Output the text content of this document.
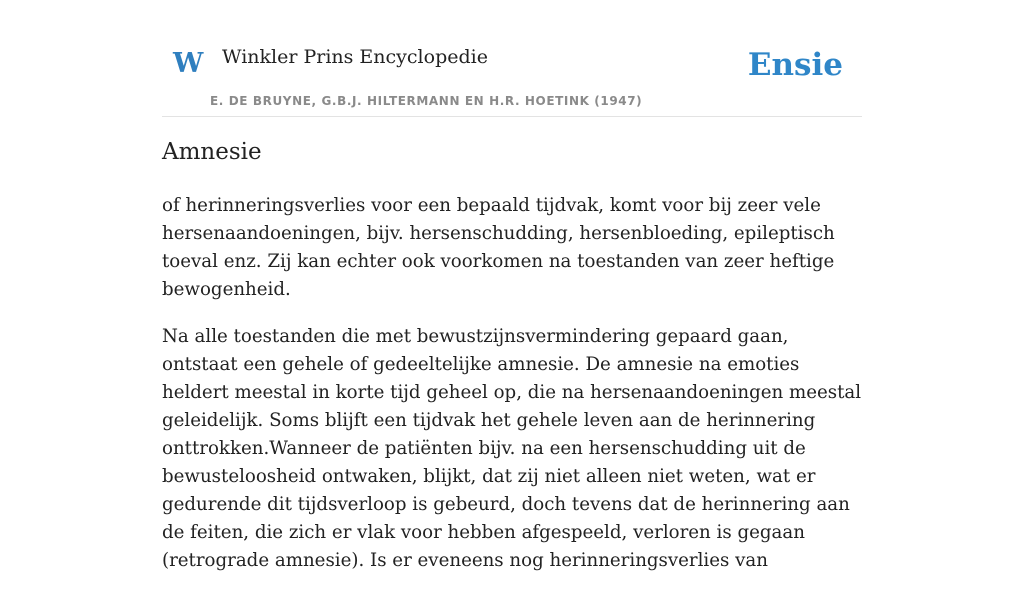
W Winkler Prins Encyclopedie
E. DE BRUYNE, G.B.J. HILTERMANN EN H.R. HOETINK (1947)
Ensie
Amnesie

of herinneringsverlies voor een bepaald tijdvak, komt voor bij zeer vele hersenaandoeningen, bijv. hersenschudding, hersenbloeding, epileptisch toeval enz. Zij kan echter ook voorkomen na toestanden van zeer heftige bewogenheid.

Na alle toestanden die met bewustzijnsvermindering gepaard gaan, ontstaat een gehele of gedeeltelijke amnesie. De amnesie na emoties heldert meestal in korte tijd geheel op, die na hersenaandoeningen meestal geleidelijk. Soms blijft een tijdvak het gehele leven aan de herinnering onttrokken.Wanneer de patiënten bijv. na een hersenschudding uit de bewusteloosheid ontwaken, blijkt, dat zij niet alleen niet weten, wat er gedurende dit tijdsverloop is gebeurd, doch tevens dat de herinnering aan de feiten, die zich er vlak voor hebben afgespeeld, verloren is gegaan (retrograde amnesie). Is er eveneens nog herinneringsverlies van
